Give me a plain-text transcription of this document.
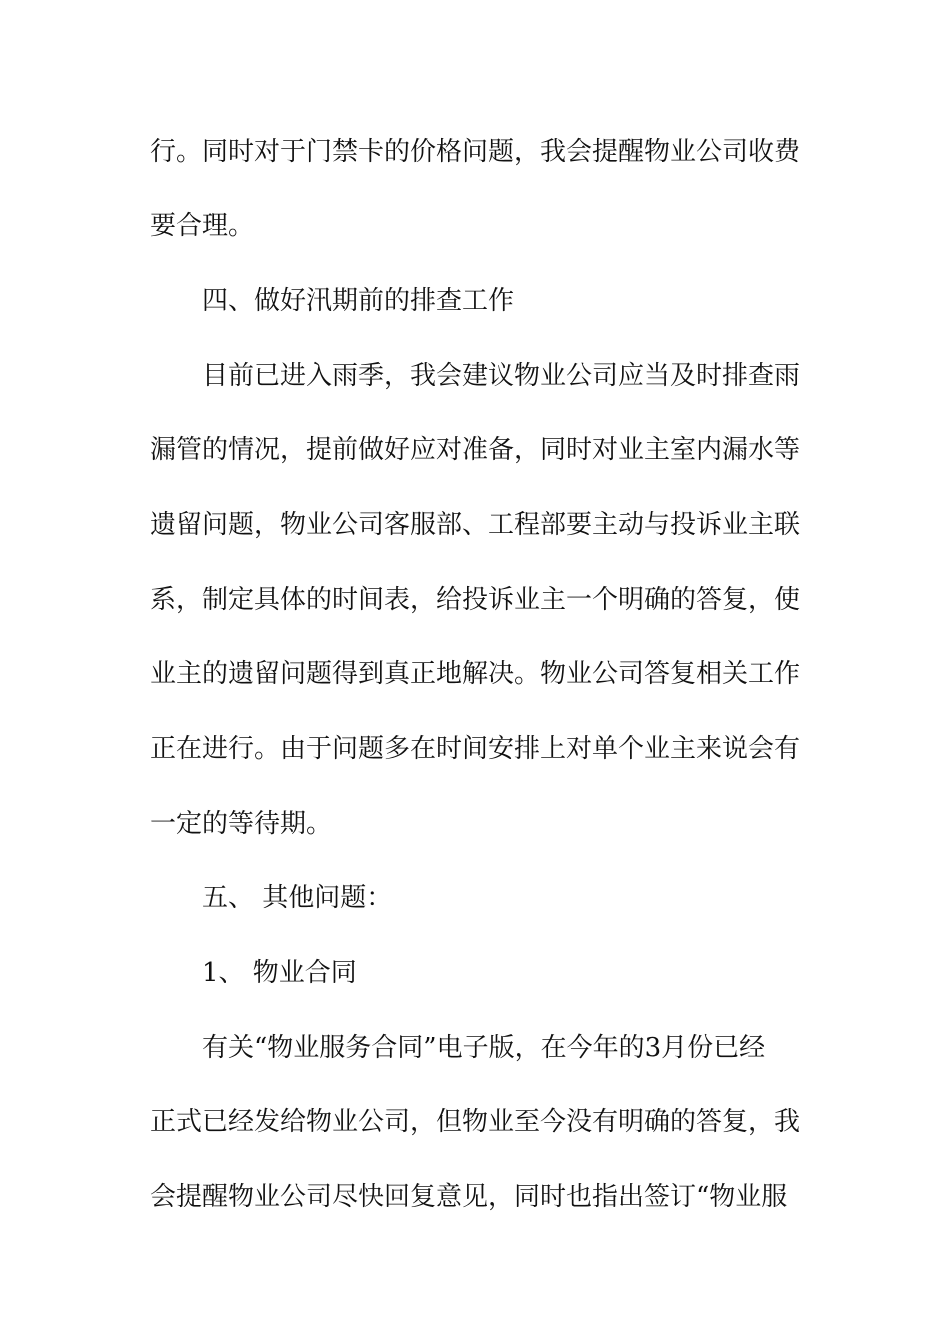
行。同时对于门禁卡的价格问题，我会提醒物业公司收费
要合理。
四、做好汛期前的排查工作
目前已进入雨季，我会建议物业公司应当及时排查雨
漏管的情况，提前做好应对准备，同时对业主室内漏水等
遗留问题，物业公司客服部、工程部要主动与投诉业主联
系，制定具体的时间表，给投诉业主一个明确的答复，使
业主的遗留问题得到真正地解决。物业公司答复相关工作
正在进行。由于问题多在时间安排上对单个业主来说会有
一定的等待期。
五、 其他问题：
1、 物业合同
有关“物业服务合同”电子版，在今年的3月份已经
正式已经发给物业公司，但物业至今没有明确的答复，我
会提醒物业公司尽快回复意见，同时也指出签订“物业服
